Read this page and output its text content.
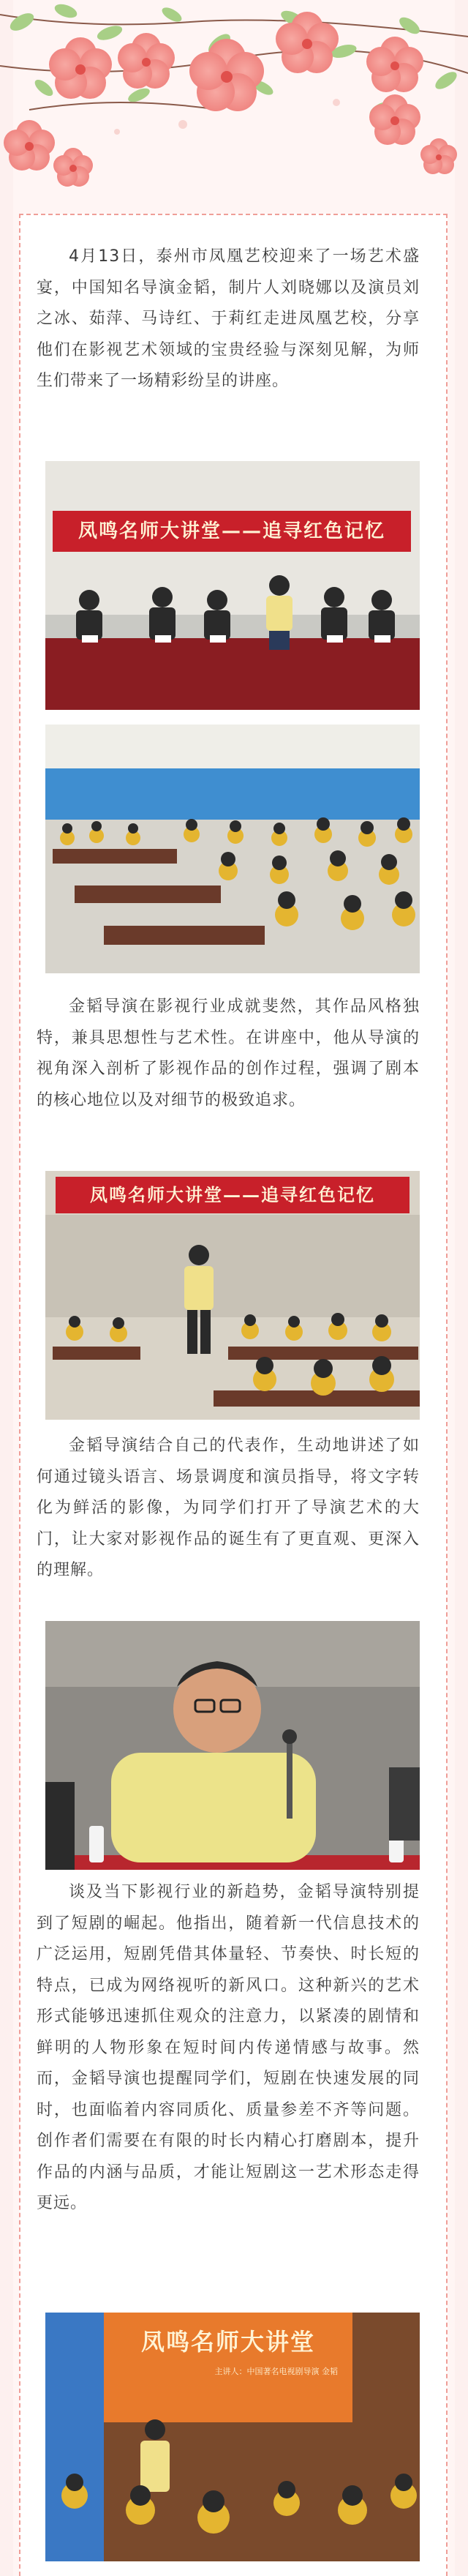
4月13日，泰州市凤凰艺校迎来了一场艺术盛宴，中国知名导演金韬，制片人刘晓娜以及演员刘之冰、茹萍、马诗红、于莉红走进凤凰艺校，分享他们在影视艺术领域的宝贵经验与深刻见解，为师生们带来了一场精彩纷呈的讲座。

凤鸣名师大讲堂——追寻红色记忆

金韬导演在影视行业成就斐然，其作品风格独特，兼具思想性与艺术性。在讲座中，他从导演的视角深入剖析了影视作品的创作过程，强调了剧本的核心地位以及对细节的极致追求。

凤鸣名师大讲堂——追寻红色记忆

金韬导演结合自己的代表作，生动地讲述了如何通过镜头语言、场景调度和演员指导，将文字转化为鲜活的影像，为同学们打开了导演艺术的大门，让大家对影视作品的诞生有了更直观、更深入的理解。

谈及当下影视行业的新趋势，金韬导演特别提到了短剧的崛起。他指出，随着新一代信息技术的广泛运用，短剧凭借其体量轻、节奏快、时长短的特点，已成为网络视听的新风口。这种新兴的艺术形式能够迅速抓住观众的注意力，以紧凑的剧情和鲜明的人物形象在短时间内传递情感与故事。然而，金韬导演也提醒同学们，短剧在快速发展的同时，也面临着内容同质化、质量参差不齐等问题。创作者们需要在有限的时长内精心打磨剧本，提升作品的内涵与品质，才能让短剧这一艺术形态走得更远。

凤鸣名师大讲堂
主讲人：中国著名电视剧导演 金韬
